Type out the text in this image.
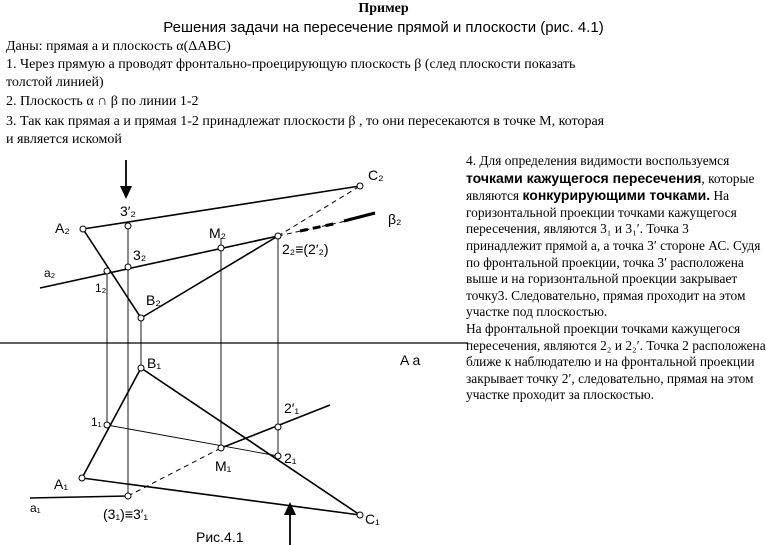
Пример
Решения задачи на пересечение прямой и плоскости (рис. 4.1)
Даны: прямая а и плоскость α(ΔABC)
1. Через прямую а проводят фронтально-проецирующую плоскость β (след плоскости показать
толстой линией)
2. Плоскость α ∩ β по линии 1-2
3. Так как прямая а и прямая 1-2 принадлежат плоскости β , то они пересекаются в точке М, которая
и является искомой

4. Для определения видимости воспользуемся точками кажущегося пересечения, которые являются конкурирующими точками. На горизонтальной проекции точками кажущегося пересечения, являются 3₁ и 3₁′. Точка 3 принадлежит прямой а, а точка 3′ стороне АС. Судя по фронтальной проекции, точка 3′ расположена выше и на горизонтальной проекции закрывает точку3. Следовательно, прямая проходит на этом участке под плоскостью.

На фронтальной проекции точками кажущегося пересечения, являются 2₂ и 2₂′. Точка 2 расположена ближе к наблюдателю и на фронтальной проекции закрывает точку 2′, следовательно, прямая на этом участке проходит за плоскостью.

A₂
C₂
B₂
3′₂
3₂
1₂
a₂
M₂
2₂≡(2′₂)
β₂
A a
B₁
A₁
C₁
1₁
2₁
2′₁
M₁
a₁	(3₁)≡3′₁
Рис.4.1
